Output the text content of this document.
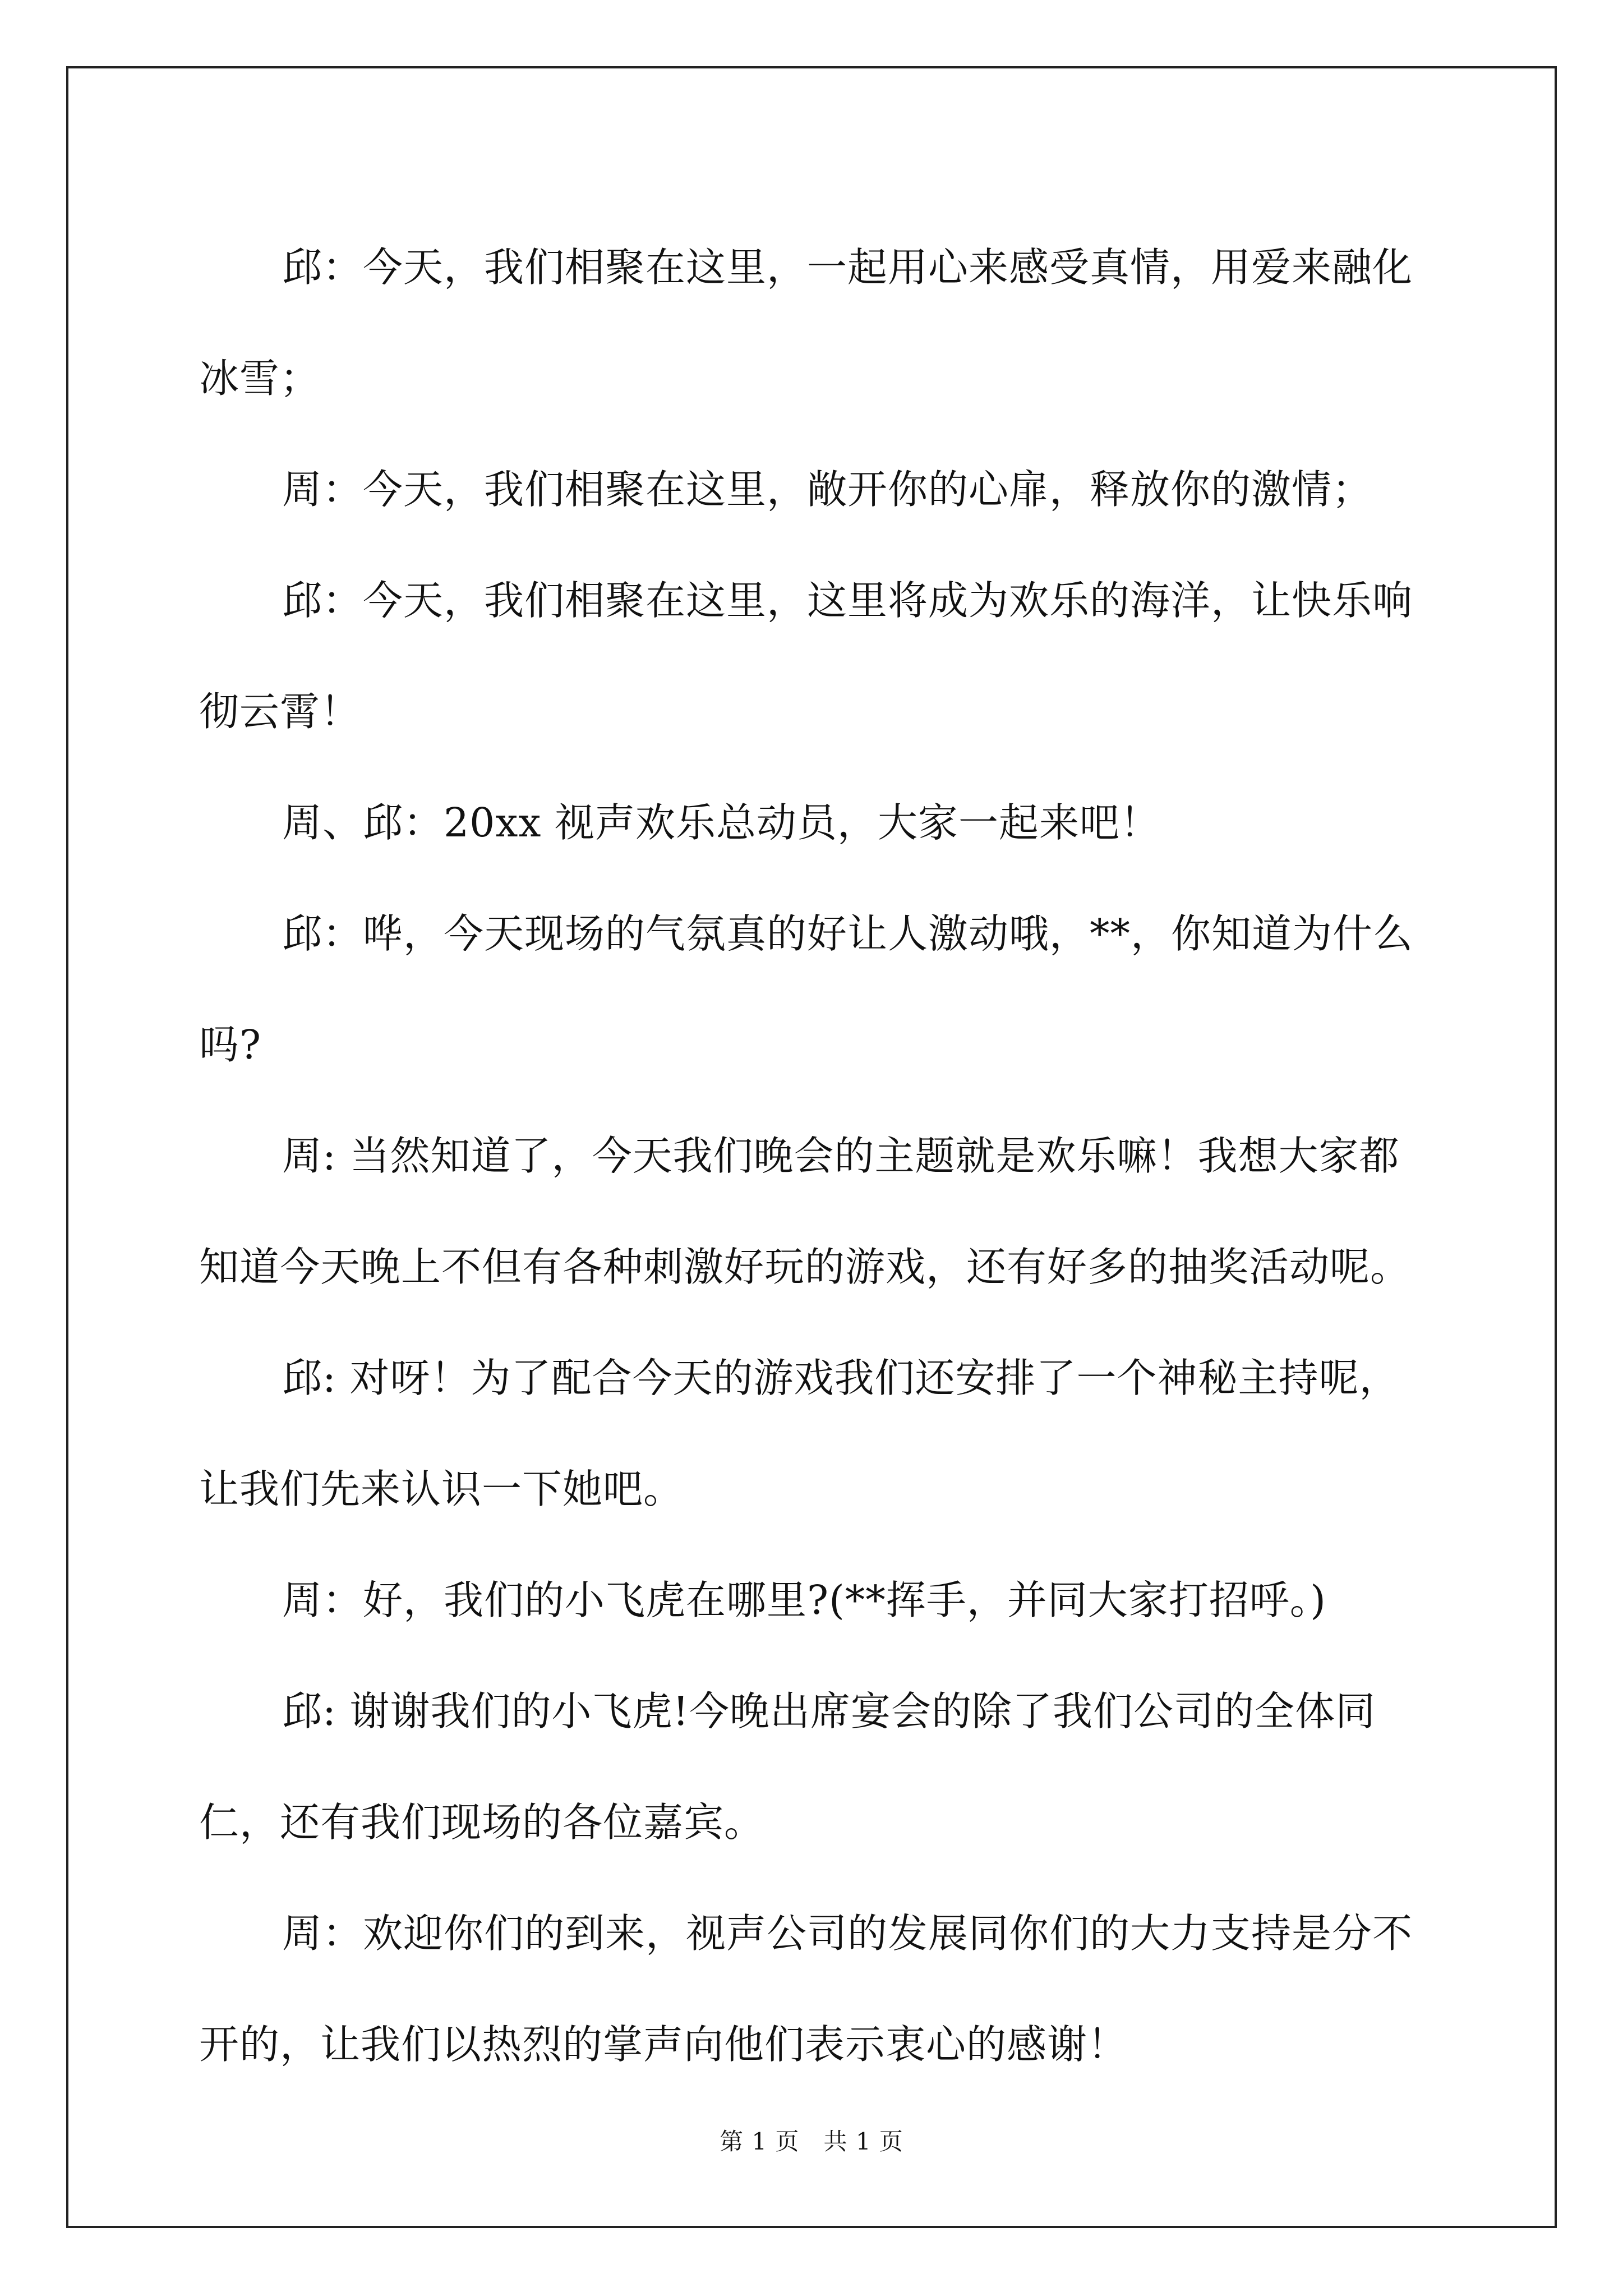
邱：今天，我们相聚在这里，一起用心来感受真情，用爱来融化冰雪；

周：今天，我们相聚在这里，敞开你的心扉，释放你的激情；

邱：今天，我们相聚在这里，这里将成为欢乐的海洋，让快乐响彻云霄！

周、邱：20xx 视声欢乐总动员，大家一起来吧！

邱：哗，今天现场的气氛真的好让人激动哦，**，你知道为什么吗?

周: 当然知道了，今天我们晚会的主题就是欢乐嘛！我想大家都知道今天晚上不但有各种刺激好玩的游戏，还有好多的抽奖活动呢。

邱: 对呀！为了配合今天的游戏我们还安排了一个神秘主持呢，让我们先来认识一下她吧。

周：好，我们的小飞虎在哪里?(**挥手，并同大家打招呼。)

邱: 谢谢我们的小飞虎!今晚出席宴会的除了我们公司的全体同仁，还有我们现场的各位嘉宾。

周：欢迎你们的到来，视声公司的发展同你们的大力支持是分不开的，让我们以热烈的掌声向他们表示衷心的感谢！

第 1 页　共 1 页
